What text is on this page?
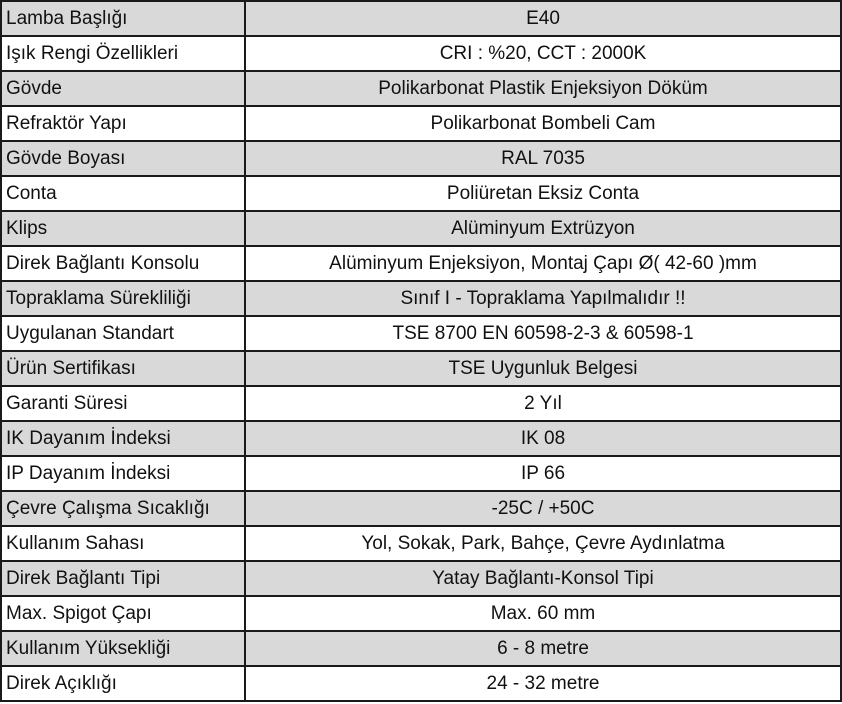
Lamba Başlığı	E40
Işık Rengi Özellikleri	CRI : %20, CCT : 2000K
Gövde	Polikarbonat Plastik Enjeksiyon Döküm
Refraktör Yapı	Polikarbonat Bombeli Cam
Gövde Boyası	RAL 7035
Conta	Poliüretan Eksiz Conta
Klips	Alüminyum Extrüzyon
Direk Bağlantı Konsolu	Alüminyum Enjeksiyon, Montaj Çapı Ø( 42-60 )mm
Topraklama Sürekliliği	Sınıf I - Topraklama Yapılmalıdır !!
Uygulanan Standart	TSE 8700 EN 60598-2-3 & 60598-1
Ürün Sertifikası	TSE Uygunluk Belgesi
Garanti Süresi	2 Yıl
IK Dayanım İndeksi	IK 08
IP Dayanım İndeksi	IP 66
Çevre Çalışma Sıcaklığı	-25C / +50C
Kullanım Sahası	Yol, Sokak, Park, Bahçe, Çevre Aydınlatma
Direk Bağlantı Tipi	Yatay Bağlantı-Konsol Tipi
Max. Spigot Çapı	Max. 60 mm
Kullanım Yüksekliği	6 - 8 metre
Direk Açıklığı	24 - 32 metre
